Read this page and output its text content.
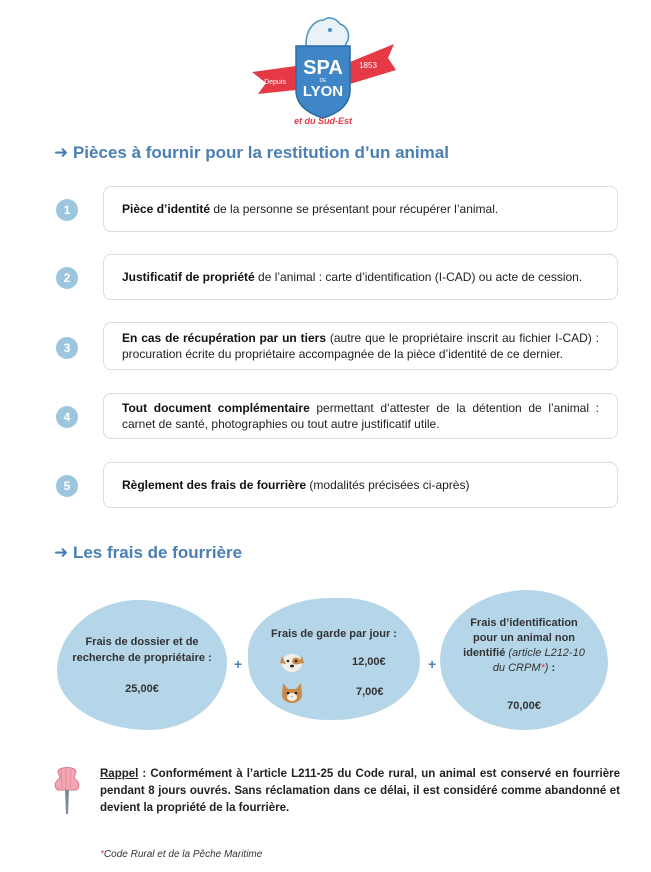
SPA
DE
LYON
Depuis
1853
et du Sud-Est
➜ Pièces à fournir pour la restitution d’un animal
1	Pièce d’identité de la personne se présentant pour récupérer l’animal.
2	Justificatif de propriété de l’animal : carte d’identification (I-CAD) ou acte de cession.
3
En cas de récupération par un tiers (autre que le propriétaire inscrit au fichier I-CAD) : procuration écrite du propriétaire accompagnée de la pièce d’identité de ce dernier.
4
Tout document complémentaire permettant d’attester de la détention de l’animal : carnet de santé, photographies ou tout autre justificatif utile.
5	Règlement des frais de fourrière (modalités précisées ci-après)
➜ Les frais de fourrière
Frais de dossier et de recherche de propriétaire :
25,00€
+
Frais de garde par jour :
12,00€
7,00€
+
Frais d’identification pour un animal non identifié (article L212-10 du CRPM*) :
70,00€
Rappel : Conformément à l’article L211-25 du Code rural, un animal est conservé en fourrière pendant 8 jours ouvrés. Sans réclamation dans ce délai, il est considéré comme abandonné et devient la propriété de la fourrière.
*Code Rural et de la Pêche Maritime
